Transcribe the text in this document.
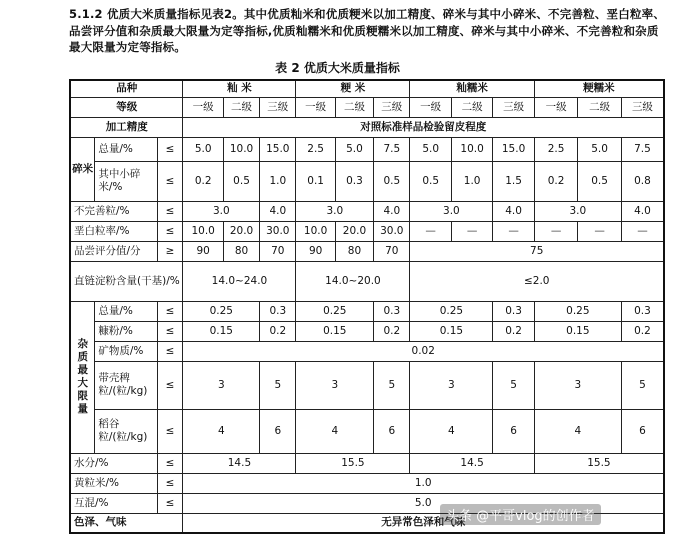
5.1.2 优质大米质量指标见表2。其中优质籼米和优质粳米以加工精度、碎米与其中小碎米、不完善粒、垩白粒率、品尝评分值和杂质最大限量为定等指标,优质籼糯米和优质粳糯米以加工精度、碎米与其中小碎米、不完善粒和杂质最大限量为定等指标。
表 2 优质大米质量指标
品种			籼 米			粳 米			籼糯米			粳糯米		
等级			一级	二级	三级	一级	二级	三级	一级	二级	三级	一级	二级	三级
加工精度			对照标准样品检验留皮程度											
碎米	总量/%	≤	5.0	10.0	15.0	2.5	5.0	7.5	5.0	10.0	15.0	2.5	5.0	7.5
	其中小碎米/%	≤	0.2	0.5	1.0	0.1	0.3	0.5	0.5	1.0	1.5	0.2	0.5	0.8
不完善粒/%		≤	3.0		4.0	3.0		4.0	3.0		4.0	3.0		4.0
垩白粒率/%		≤	10.0	20.0	30.0	10.0	20.0	30.0	—	—	—	—	—	—
品尝评分值/分		≥	90	80	70	90	80	70	75					
直链淀粉含量(干基)/%			14.0~24.0			14.0~20.0			≤2.0					

杂质最大限量	总量/%	≤	0.25		0.3	0.25		0.3	0.25		0.3	0.25		0.3
	糠粉/%	≤	0.15		0.2	0.15		0.2	0.15		0.2	0.15		0.2
	矿物质/%	≤	0.02											
	带壳稗粒/(粒/kg)	≤	3		5	3		5	3		5	3		5
	稻谷粒/(粒/kg)	≤	4		6	4		6	4		6	4		6
水分/%		≤	14.5			15.5			14.5			15.5		
黄粒米/%		≤	1.0											
互混/%		≤	5.0											
色泽、气味			无异常色泽和气味											
头条 @平哥vlog的创作者
